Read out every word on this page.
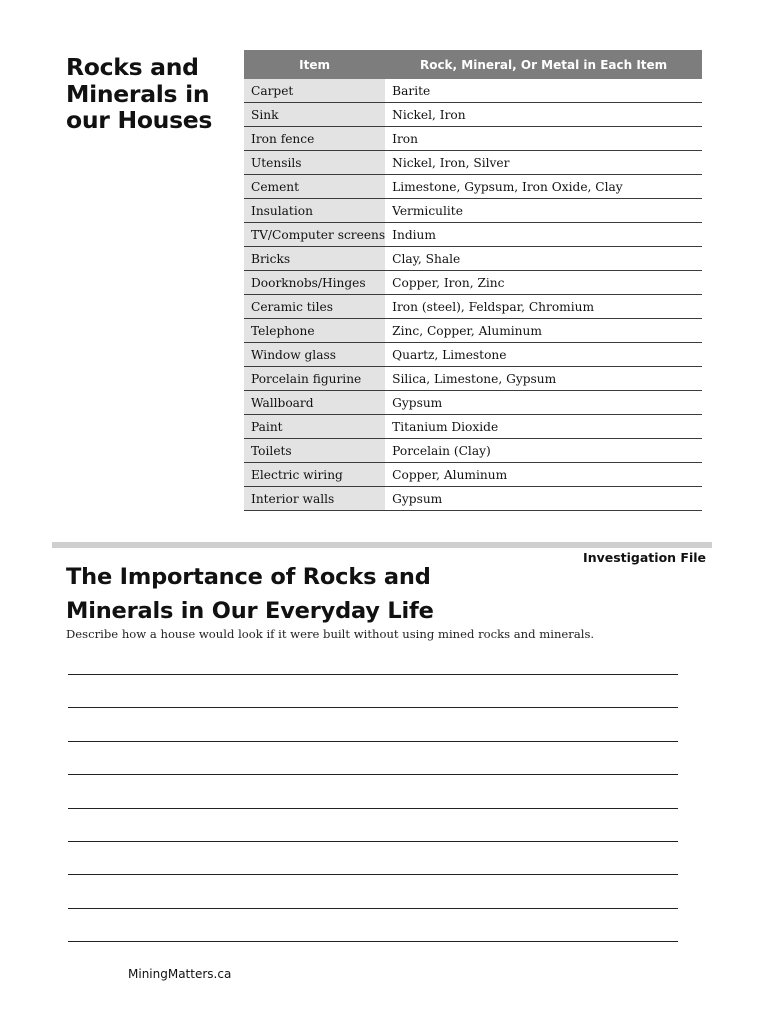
Rocks and
Minerals in
our Houses
Item	Rock, Mineral, Or Metal in Each Item
Carpet	Barite
Sink	Nickel, Iron
Iron fence	Iron
Utensils	Nickel, Iron, Silver
Cement	Limestone, Gypsum, Iron Oxide, Clay
Insulation	Vermiculite
TV/Computer screens	Indium
Bricks	Clay, Shale
Doorknobs/Hinges	Copper, Iron, Zinc
Ceramic tiles	Iron (steel), Feldspar, Chromium
Telephone	Zinc, Copper, Aluminum
Window glass	Quartz, Limestone
Porcelain figurine	Silica, Limestone, Gypsum
Wallboard	Gypsum
Paint	Titanium Dioxide
Toilets	Porcelain (Clay)
Electric wiring	Copper, Aluminum
Interior walls	Gypsum
Investigation File
The Importance of Rocks and
Minerals in Our Everyday Life
Describe how a house would look if it were built without using mined rocks and minerals.
MiningMatters.ca
